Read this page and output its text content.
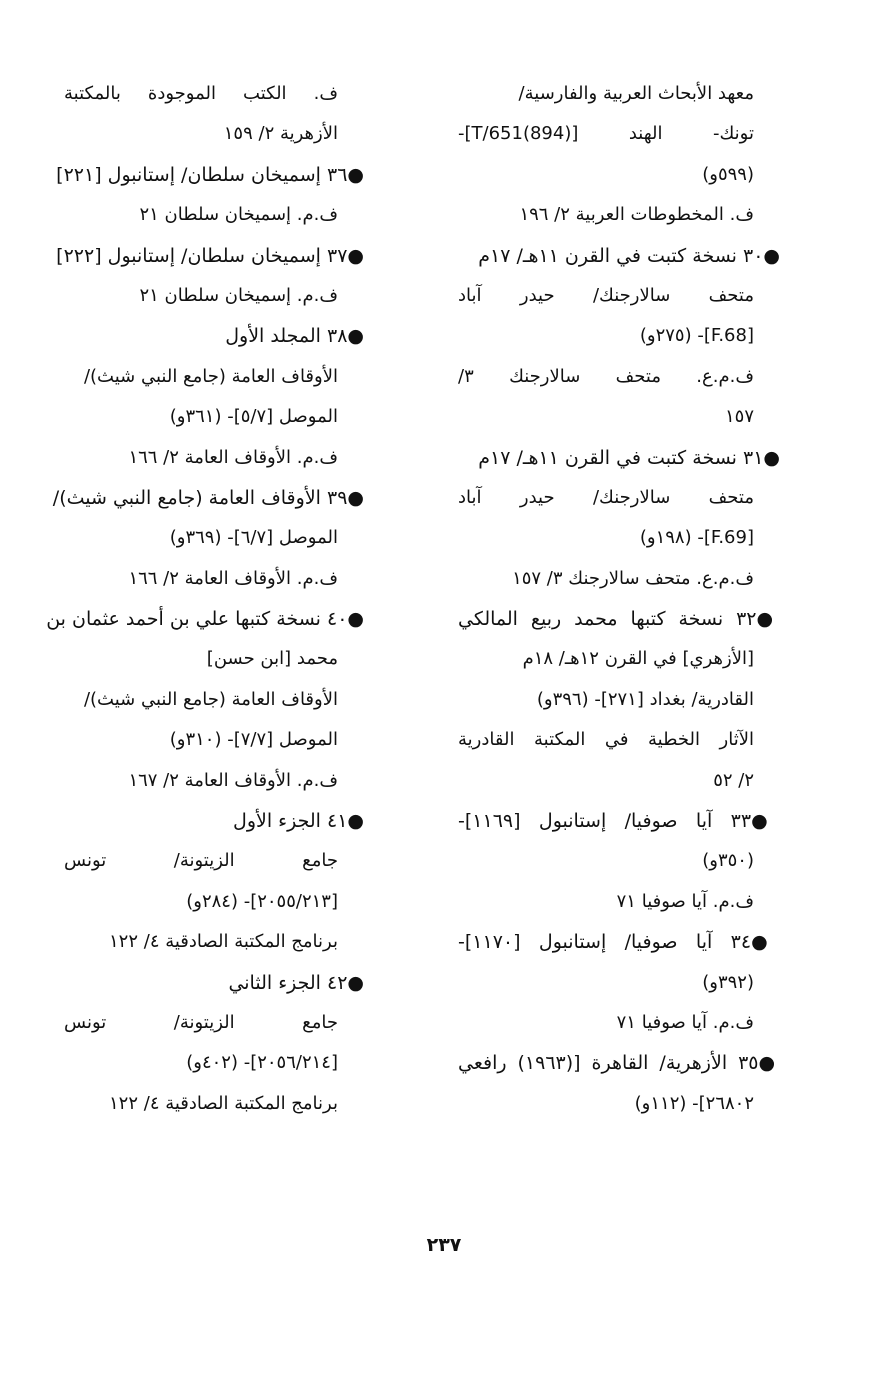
معهد الأبحاث العربية والفارسية/
تونك- الهند [T/651(894)]-
(٥٩٩و)
ف. المخطوطات العربية ٢/ ١٩٦
●٣٠ نسخة كتبت في القرن ١١هـ/ ١٧م
متحف سالارجنك/ حيدر آباد
[F.68]- (٢٧٥و)
ف.م.ع. متحف سالارجنك ٣/
١٥٧
●٣١ نسخة كتبت في القرن ١١هـ/ ١٧م
متحف سالارجنك/ حيدر آباد
[F.69]- (١٩٨و)
ف.م.ع. متحف سالارجنك ٣/ ١٥٧
●٣٢ نسخة كتبها محمد ربيع المالكي
[الأزهري] في القرن ١٢هـ/ ١٨م
القادرية/ بغداد [٢٧١]- (٣٩٦و)
الآثار الخطية في المكتبة القادرية
٢/ ٥٢
●٣٣ آيا صوفيا/ إستانبول [١١٦٩]-
(٣٥٠و)
ف.م. آيا صوفيا ٧١
●٣٤ آيا صوفيا/ إستانبول [١١٧٠]-
(٣٩٢و)
ف.م. آيا صوفيا ٧١
●٣٥ الأزهرية/ القاهرة [(١٩٦٣) رافعي
٢٦٨٠٢]- (١١٢و)
ف. الكتب الموجودة بالمكتبة
الأزهرية ٢/ ١٥٩
●٣٦ إسميخان سلطان/ إستانبول [٢٢١]
ف.م. إسميخان سلطان ٢١
●٣٧ إسميخان سلطان/ إستانبول [٢٢٢]
ف.م. إسميخان سلطان ٢١
●٣٨ المجلد الأول
الأوقاف العامة (جامع النبي شيث)/
الموصل [٥/٧]- (٣٦١و)
ف.م. الأوقاف العامة ٢/ ١٦٦
●٣٩ الأوقاف العامة (جامع النبي شيث)/
الموصل [٦/٧]- (٣٦٩و)
ف.م. الأوقاف العامة ٢/ ١٦٦
●٤٠ نسخة كتبها علي بن أحمد عثمان بن
محمد [ابن حسن]
الأوقاف العامة (جامع النبي شيث)/
الموصل [٧/٧]- (٣١٠و)
ف.م. الأوقاف العامة ٢/ ١٦٧
●٤١ الجزء الأول
جامع الزيتونة/ تونس
[٢٠٥٥/٢١٣]- (٢٨٤و)
برنامج المكتبة الصادقية ٤/ ١٢٢
●٤٢ الجزء الثاني
جامع الزيتونة/ تونس
[٢٠٥٦/٢١٤]- (٤٠٢و)
برنامج المكتبة الصادقية ٤/ ١٢٢
٢٣٧
